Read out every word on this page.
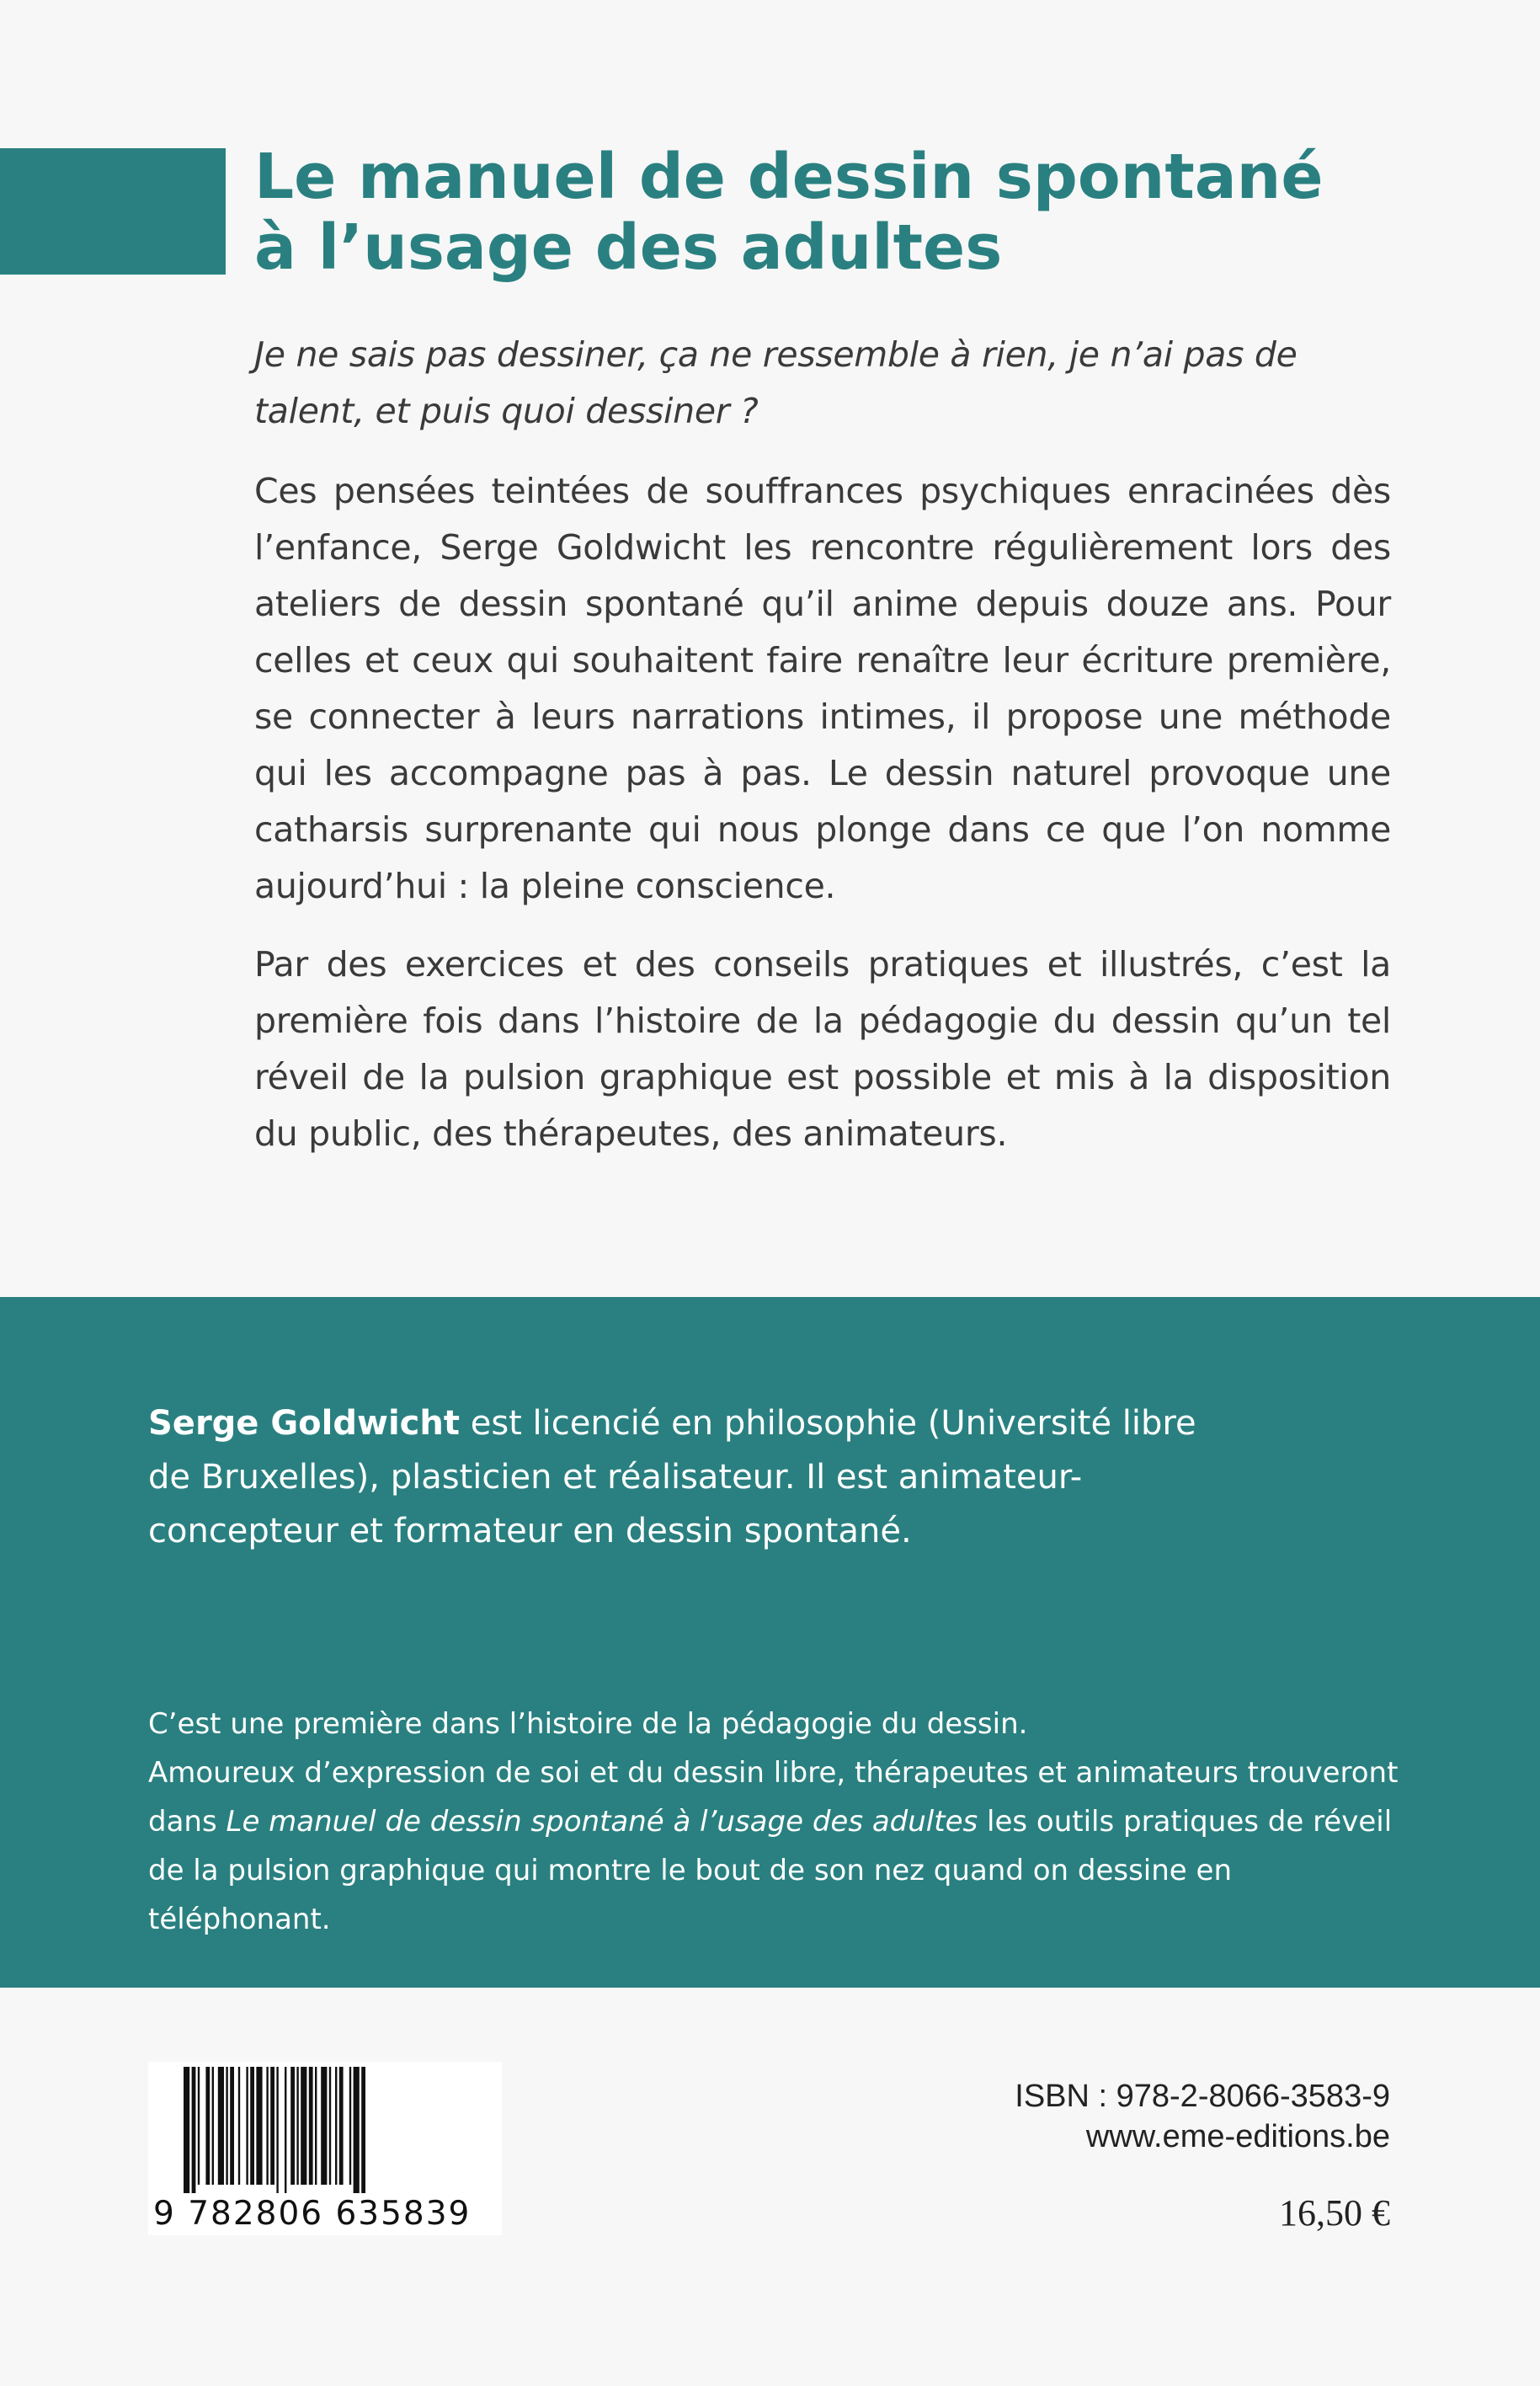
Le manuel de dessin spontané
à l’usage des adultes

Je ne sais pas dessiner, ça ne ressemble à rien, je n’ai pas de talent, et puis quoi dessiner ?

Ces pensées teintées de souffrances psychiques enracinées dès l’enfance, Serge Goldwicht les rencontre régulièrement lors des ateliers de dessin spontané qu’il anime depuis douze ans. Pour celles et ceux qui souhaitent faire renaître leur écriture première, se connecter à leurs narrations intimes, il propose une méthode qui les accompagne pas à pas. Le dessin naturel provoque une catharsis surprenante qui nous plonge dans ce que l’on nomme aujourd’hui : la pleine conscience.

Par des exercices et des conseils pratiques et illustrés, c’est la première fois dans l’histoire de la pédagogie du dessin qu’un tel réveil de la pulsion graphique est possible et mis à la disposition du public, des thérapeutes, des animateurs.

Serge Goldwicht est licencié en philosophie (Université libre de Bruxelles), plasticien et réalisateur. Il est animateur-concepteur et formateur en dessin spontané.

C’est une première dans l’histoire de la pédagogie du dessin.
Amoureux d’expression de soi et du dessin libre, thérapeutes et animateurs trouveront
dans Le manuel de dessin spontané à l’usage des adultes les outils pratiques de réveil de la pulsion graphique qui montre le bout de son nez quand on dessine en téléphonant.

9 782806 635839
ISBN : 978-2-8066-3583-9
www.eme-editions.be
16,50 €
